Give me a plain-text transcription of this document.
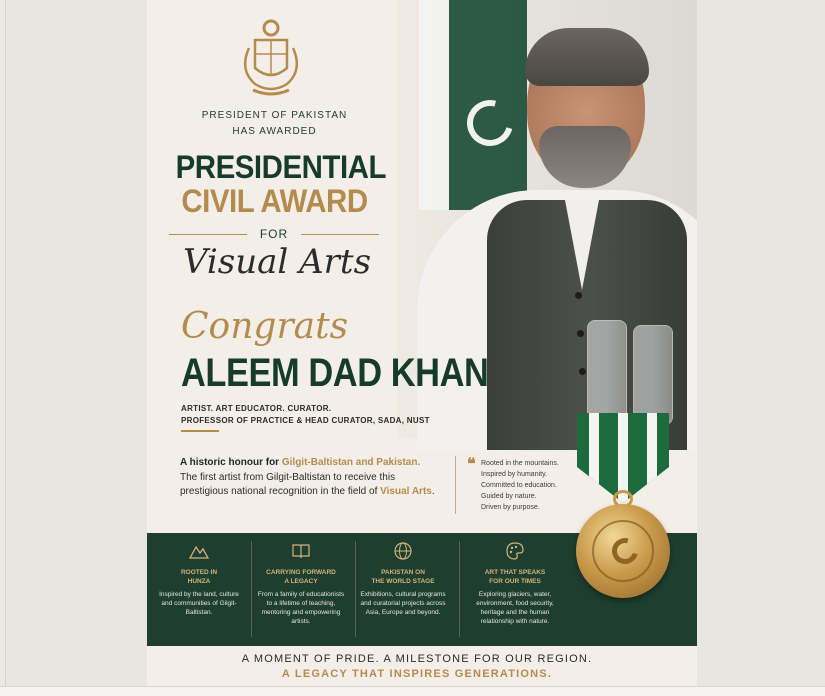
PRESIDENT OF PAKISTAN
HAS AWARDED
PRESIDENTIAL
CIVIL AWARD
FOR
Visual Arts
Congrats
ALEEM DAD KHAN
ARTIST. ART EDUCATOR. CURATOR.
PROFESSOR OF PRACTICE & HEAD CURATOR, SADA, NUST
A historic honour for Gilgit-Baltistan and Pakistan.
The first artist from Gilgit-Baltistan to receive this prestigious national recognition in the field of Visual Arts.
❝ Rooted in the mountains.
Inspired by humanity.
Committed to education.
Guided by nature.
Driven by purpose.
ROOTED IN
HUNZA
Inspired by the land, culture and communities of Gilgit-Baltistan.
CARRYING FORWARD
A LEGACY
From a family of educationists to a lifetime of teaching, mentoring and empowering artists.
PAKISTAN ON
THE WORLD STAGE
Exhibitions, cultural programs and curatorial projects across Asia, Europe and beyond.
ART THAT SPEAKS
FOR OUR TIMES
Exploring glaciers, water, environment, food security, heritage and the human relationship with nature.
A MOMENT OF PRIDE. A MILESTONE FOR OUR REGION.
A LEGACY THAT INSPIRES GENERATIONS.
